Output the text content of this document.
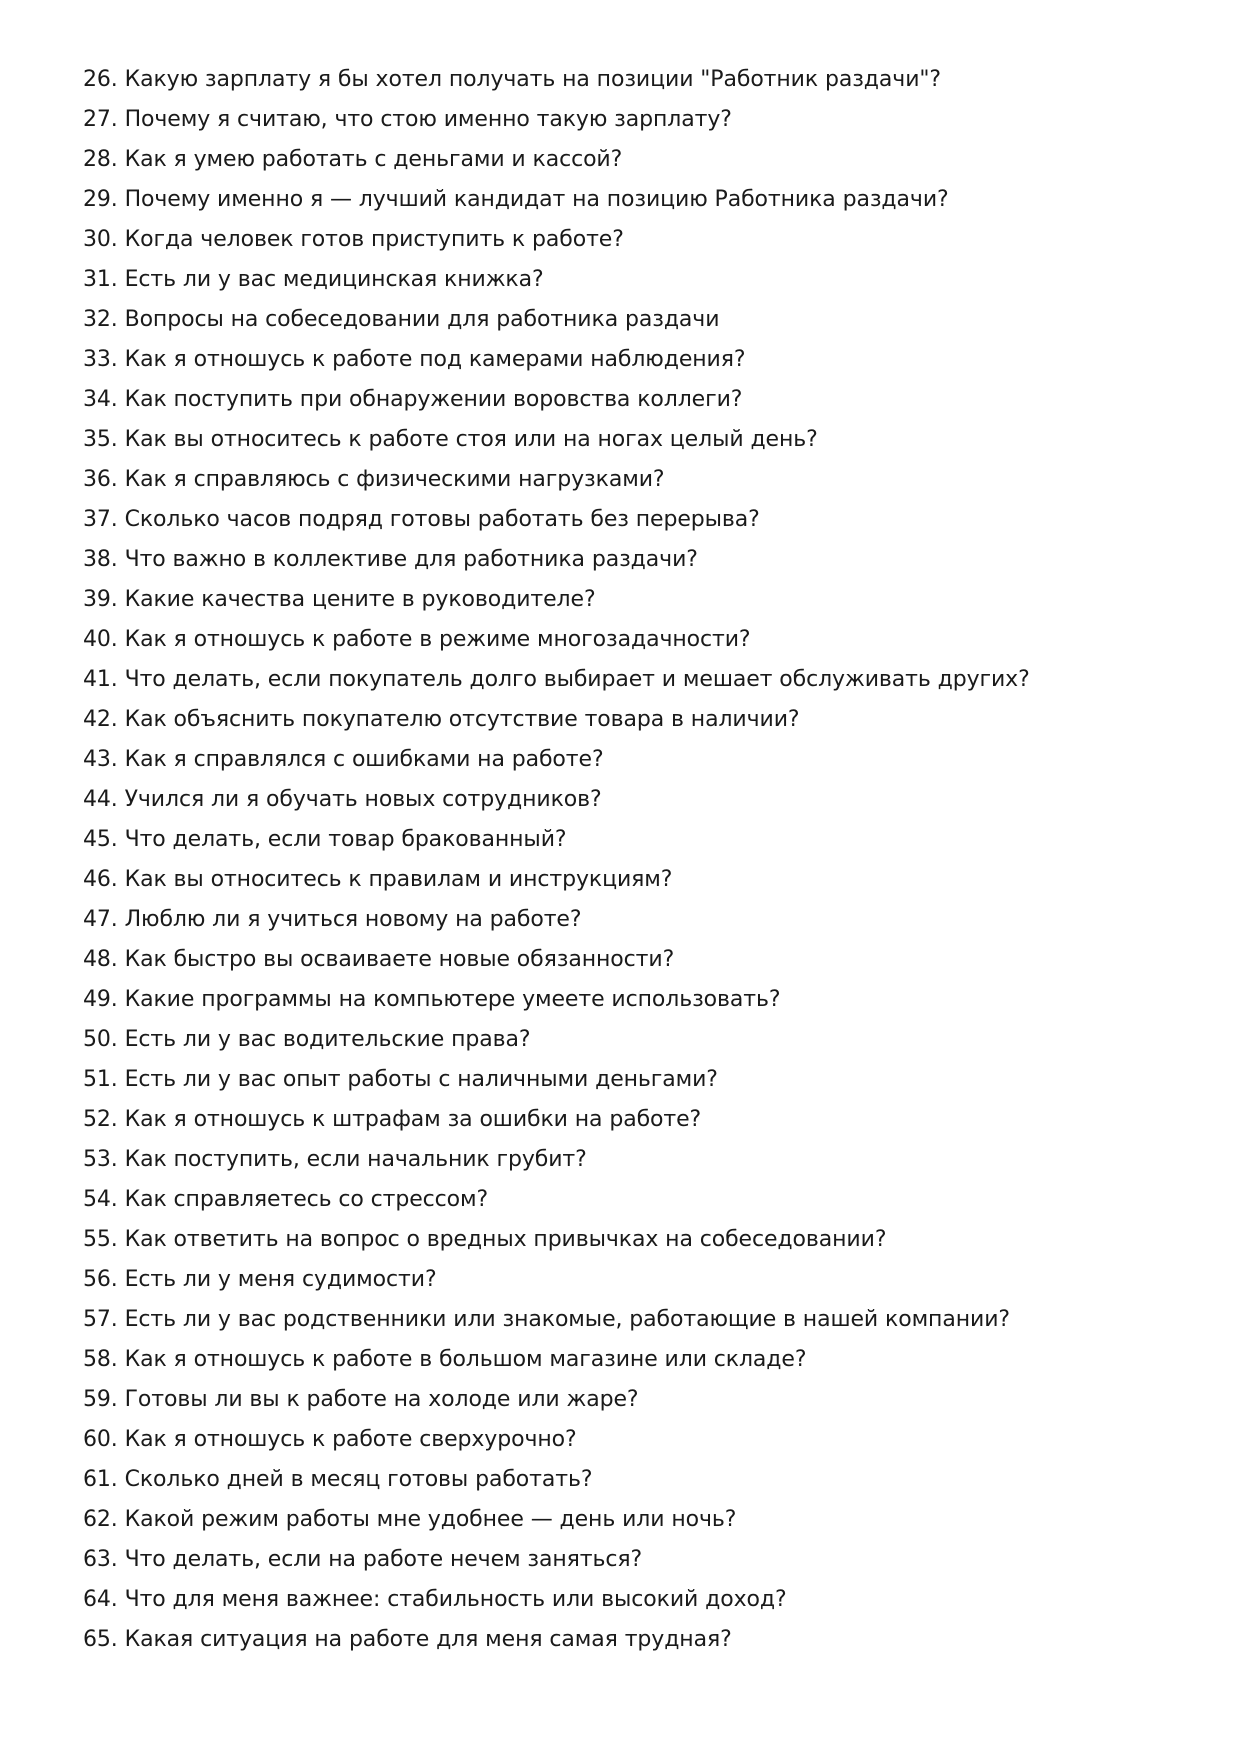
26. Какую зарплату я бы хотел получать на позиции "Работник раздачи"?
27. Почему я считаю, что стою именно такую зарплату?
28. Как я умею работать с деньгами и кассой?
29. Почему именно я — лучший кандидат на позицию Работника раздачи?
30. Когда человек готов приступить к работе?
31. Есть ли у вас медицинская книжка?
32. Вопросы на собеседовании для работника раздачи
33. Как я отношусь к работе под камерами наблюдения?
34. Как поступить при обнаружении воровства коллеги?
35. Как вы относитесь к работе стоя или на ногах целый день?
36. Как я справляюсь с физическими нагрузками?
37. Сколько часов подряд готовы работать без перерыва?
38. Что важно в коллективе для работника раздачи?
39. Какие качества цените в руководителе?
40. Как я отношусь к работе в режиме многозадачности?
41. Что делать, если покупатель долго выбирает и мешает обслуживать других?
42. Как объяснить покупателю отсутствие товара в наличии?
43. Как я справлялся с ошибками на работе?
44. Учился ли я обучать новых сотрудников?
45. Что делать, если товар бракованный?
46. Как вы относитесь к правилам и инструкциям?
47. Люблю ли я учиться новому на работе?
48. Как быстро вы осваиваете новые обязанности?
49. Какие программы на компьютере умеете использовать?
50. Есть ли у вас водительские права?
51. Есть ли у вас опыт работы с наличными деньгами?
52. Как я отношусь к штрафам за ошибки на работе?
53. Как поступить, если начальник грубит?
54. Как справляетесь со стрессом?
55. Как ответить на вопрос о вредных привычках на собеседовании?
56. Есть ли у меня судимости?
57. Есть ли у вас родственники или знакомые, работающие в нашей компании?
58. Как я отношусь к работе в большом магазине или складе?
59. Готовы ли вы к работе на холоде или жаре?
60. Как я отношусь к работе сверхурочно?
61. Сколько дней в месяц готовы работать?
62. Какой режим работы мне удобнее — день или ночь?
63. Что делать, если на работе нечем заняться?
64. Что для меня важнее: стабильность или высокий доход?
65. Какая ситуация на работе для меня самая трудная?
